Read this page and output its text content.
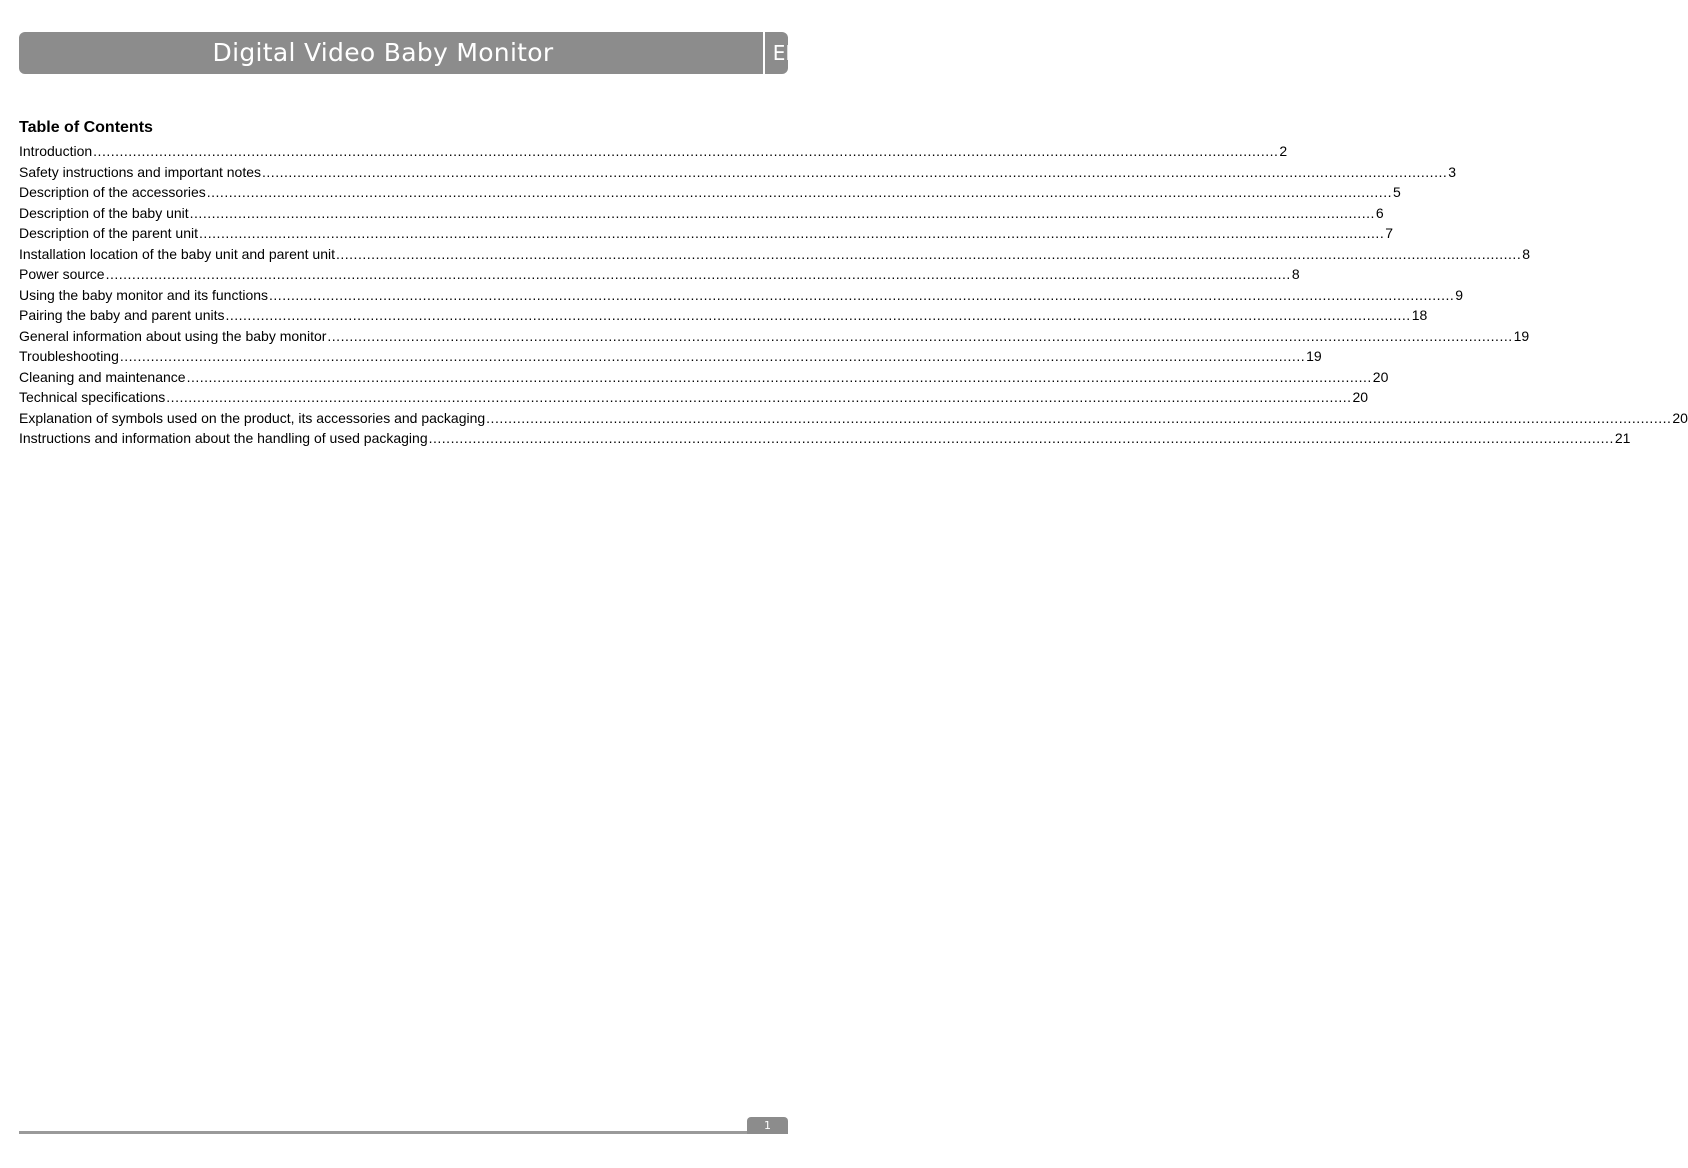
Digital Video Baby Monitor	EN
Table of Contents
Introduction .....	2
Safety instructions and important notes .....	3
Description of the accessories .....	5
Description of the baby unit .....	6
Description of the parent unit .....	7
Installation location of the baby unit and parent unit .....	8
Power source .....	8
Using the baby monitor and its functions .....	9
Pairing the baby and parent units .....	18
General information about using the baby monitor .....	19
Troubleshooting .....	19
Cleaning and maintenance .....	20
Technical specifications .....	20
Explanation of symbols used on the product, its accessories and packaging .....	20
Instructions and information about the handling of used packaging .....	21
1
